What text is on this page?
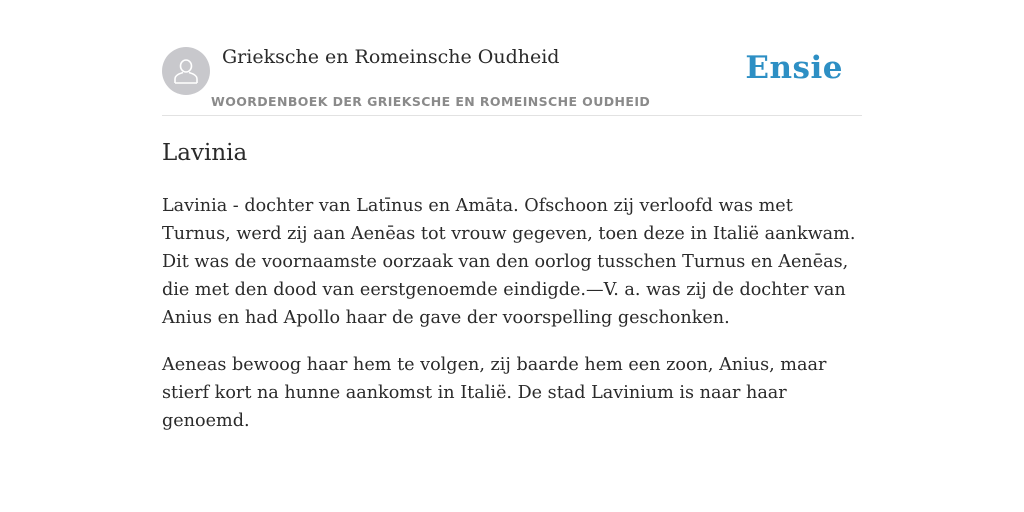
Grieksche en Romeinsche Oudheid
WOORDENBOEK DER GRIEKSCHE EN ROMEINSCHE OUDHEID
Ensie
Lavinia

Lavinia - dochter van Latīnus en Amāta. Ofschoon zij verloofd was met Turnus, werd zij aan Aenēas tot vrouw gegeven, toen deze in Italië aankwam. Dit was de voornaamste oorzaak van den oorlog tusschen Turnus en Aenēas, die met den dood van eerstgenoemde eindigde.—V. a. was zij de dochter van Anius en had Apollo haar de gave der voorspelling geschonken.

Aeneas bewoog haar hem te volgen, zij baarde hem een zoon, Anius, maar stierf kort na hunne aankomst in Italië. De stad Lavinium is naar haar genoemd.
